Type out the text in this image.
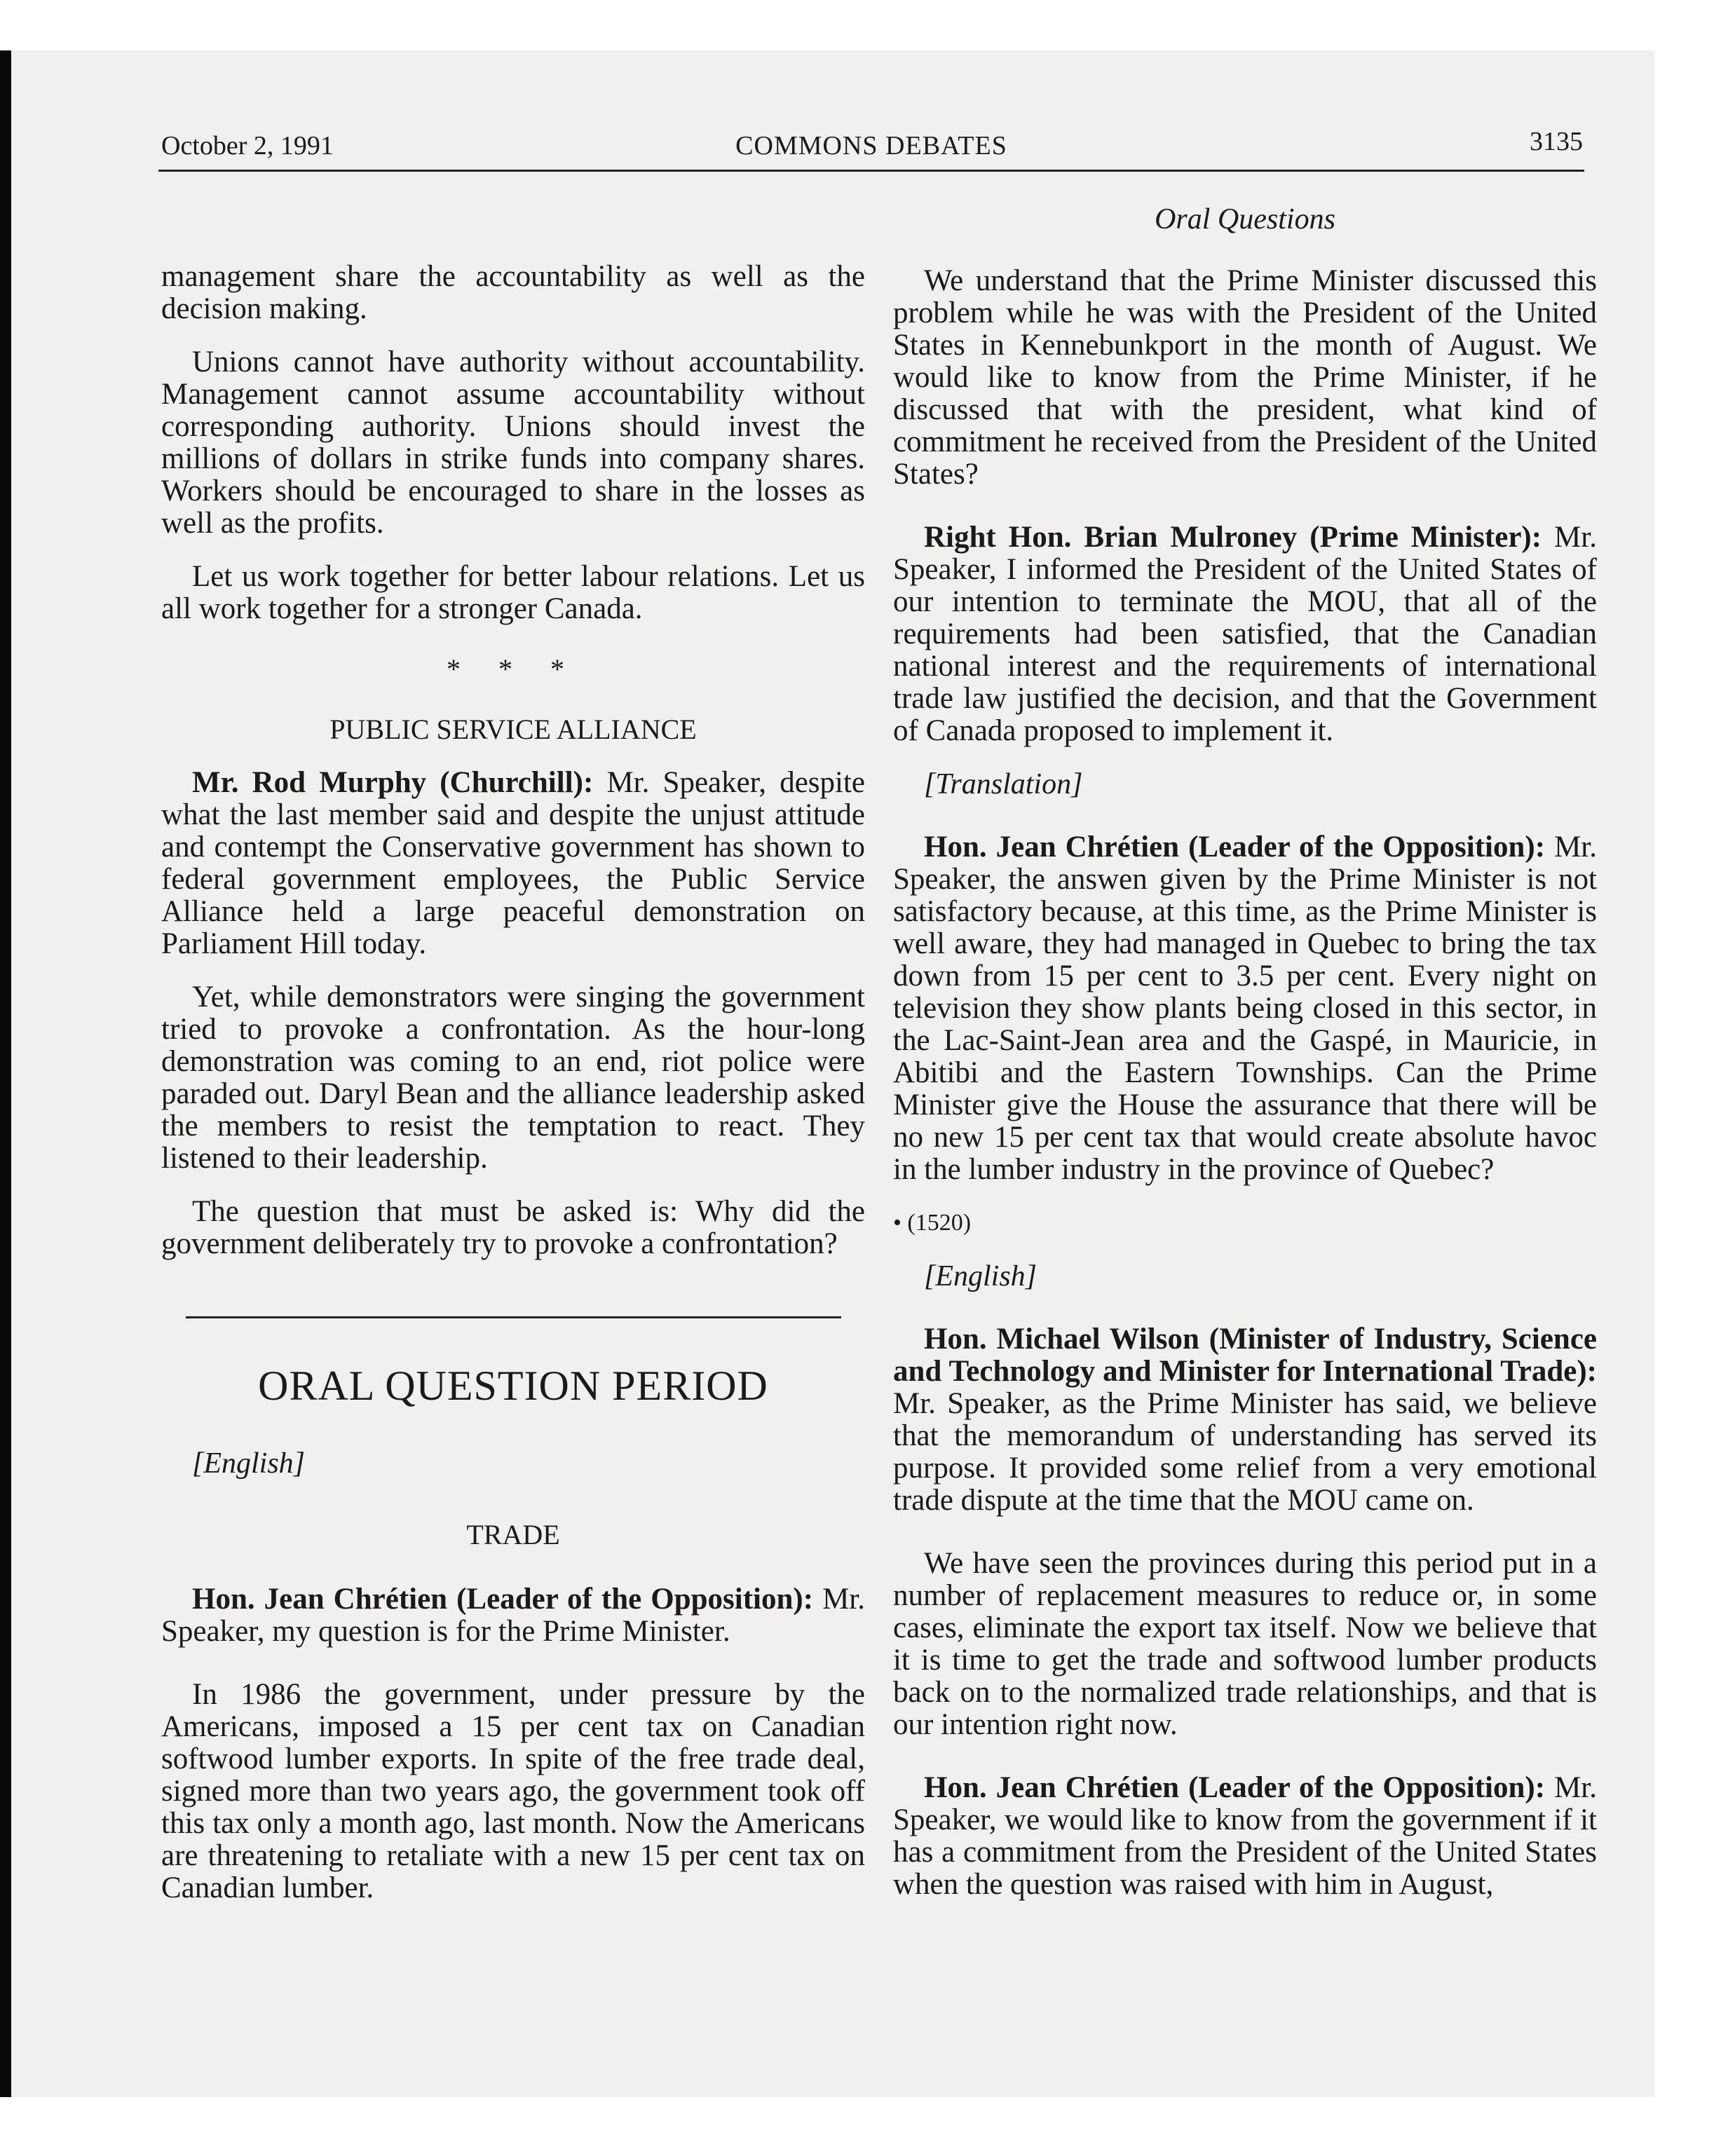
October 2, 1991	COMMONS DEBATES	3135

management share the accountability as well as the decision making.

Unions cannot have authority without accountability. Management cannot assume accountability without corresponding authority. Unions should invest the millions of dollars in strike funds into company shares. Workers should be encouraged to share in the losses as well as the profits.

Let us work together for better labour relations. Let us all work together for a stronger Canada.

* * *
PUBLIC SERVICE ALLIANCE

Mr. Rod Murphy (Churchill): Mr. Speaker, despite what the last member said and despite the unjust attitude and contempt the Conservative government has shown to federal government employees, the Public Service Alliance held a large peaceful demonstration on Parliament Hill today.

Yet, while demonstrators were singing the government tried to provoke a confrontation. As the hour-long demonstration was coming to an end, riot police were paraded out. Daryl Bean and the alliance leadership asked the members to resist the temptation to react. They listened to their leadership.

The question that must be asked is: Why did the government deliberately try to provoke a confrontation?

ORAL QUESTION PERIOD

[English]

TRADE

Hon. Jean Chrétien (Leader of the Opposition): Mr. Speaker, my question is for the Prime Minister.

In 1986 the government, under pressure by the Americans, imposed a 15 per cent tax on Canadian softwood lumber exports. In spite of the free trade deal, signed more than two years ago, the government took off this tax only a month ago, last month. Now the Americans are threatening to retaliate with a new 15 per cent tax on Canadian lumber.

Oral Questions

We understand that the Prime Minister discussed this problem while he was with the President of the United States in Kennebunkport in the month of August. We would like to know from the Prime Minister, if he discussed that with the president, what kind of commitment he received from the President of the United States?

Right Hon. Brian Mulroney (Prime Minister): Mr. Speaker, I informed the President of the United States of our intention to terminate the MOU, that all of the requirements had been satisfied, that the Canadian national interest and the requirements of international trade law justified the decision, and that the Government of Canada proposed to implement it.

[Translation]

Hon. Jean Chrétien (Leader of the Opposition): Mr. Speaker, the answen given by the Prime Minister is not satisfactory because, at this time, as the Prime Minister is well aware, they had managed in Quebec to bring the tax down from 15 per cent to 3.5 per cent. Every night on television they show plants being closed in this sector, in the Lac-Saint-Jean area and the Gaspé, in Mauricie, in Abitibi and the Eastern Townships. Can the Prime Minister give the House the assurance that there will be no new 15 per cent tax that would create absolute havoc in the lumber industry in the province of Quebec?

• (1520)

[English]

Hon. Michael Wilson (Minister of Industry, Science and Technology and Minister for International Trade): Mr. Speaker, as the Prime Minister has said, we believe that the memorandum of understanding has served its purpose. It provided some relief from a very emotional trade dispute at the time that the MOU came on.

We have seen the provinces during this period put in a number of replacement measures to reduce or, in some cases, eliminate the export tax itself. Now we believe that it is time to get the trade and softwood lumber products back on to the normalized trade relationships, and that is our intention right now.

Hon. Jean Chrétien (Leader of the Opposition): Mr. Speaker, we would like to know from the government if it has a commitment from the President of the United States when the question was raised with him in August,
